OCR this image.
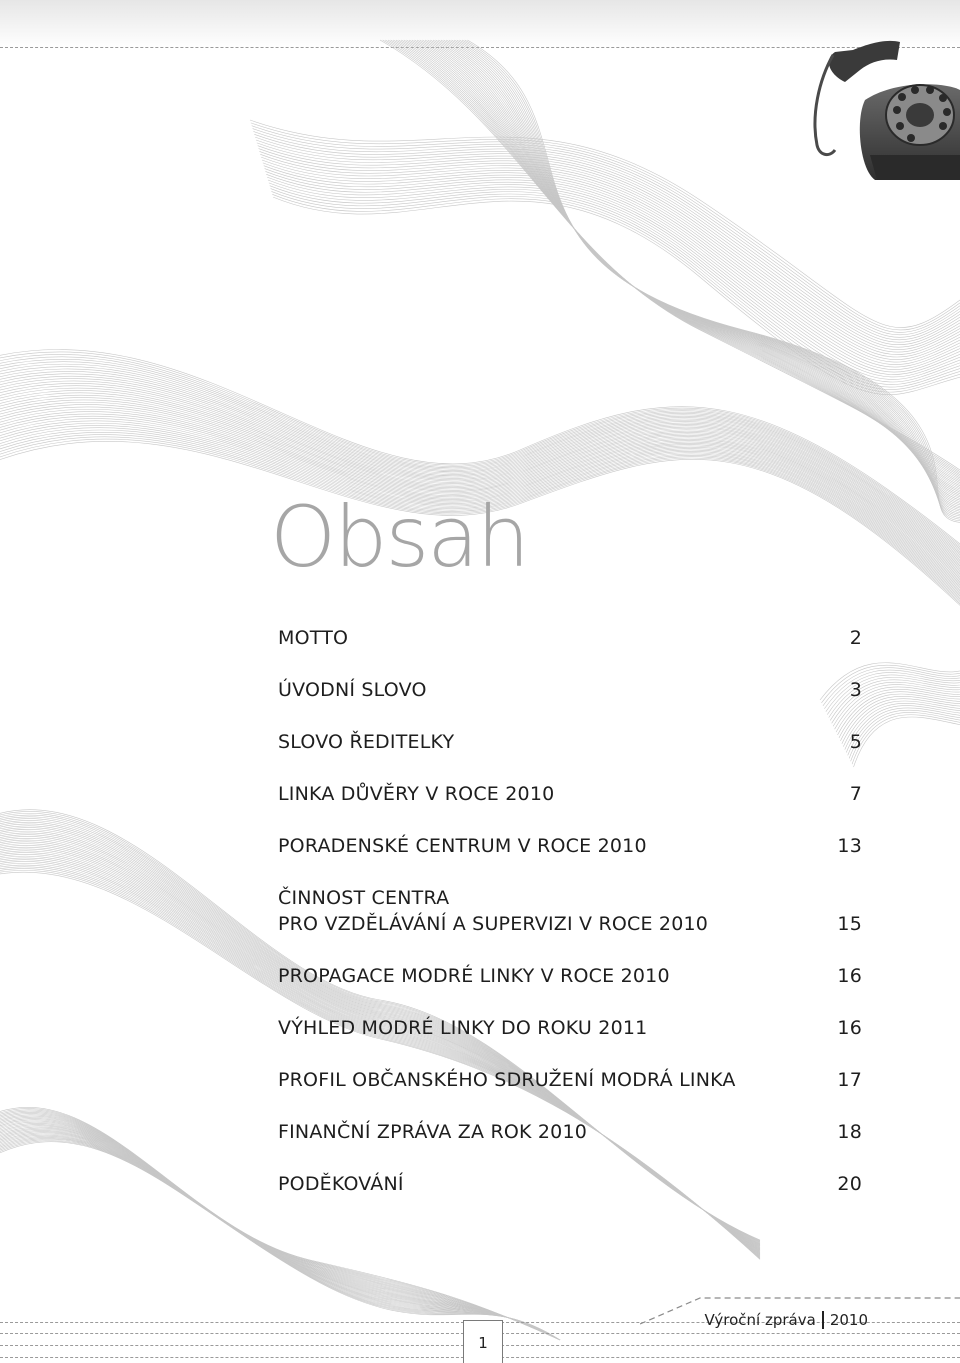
Obsah
MOTTO	2
ÚVODNÍ SLOVO	3
SLOVO ŘEDITELKY	5
LINKA DŮVĚRY V ROCE 2010	7
PORADENSKÉ CENTRUM V ROCE 2010	13
ČINNOST CENTRA
PRO VZDĚLÁVÁNÍ A SUPERVIZI V ROCE 2010	15
PROPAGACE MODRÉ LINKY V ROCE 2010	16
VÝHLED MODRÉ LINKY DO ROKU 2011	16
PROFIL OBČANSKÉHO SDRUŽENÍ MODRÁ LINKA	17
FINANČNÍ ZPRÁVA ZA ROK 2010	18
PODĚKOVÁNÍ	20
Výroční zpráva 2010
1
